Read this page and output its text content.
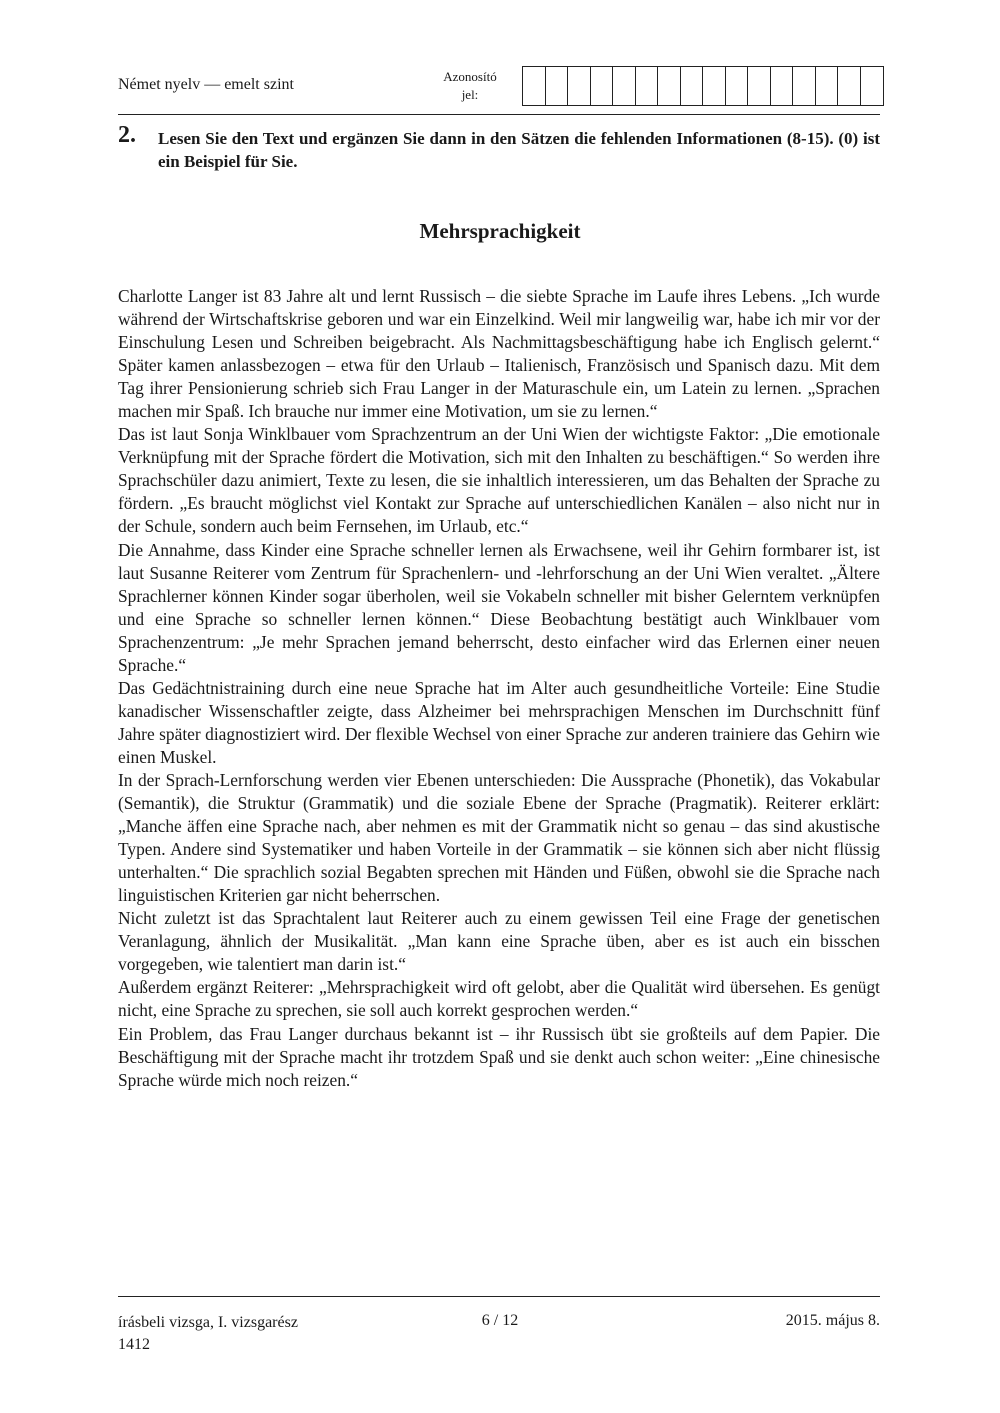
Német nyelv — emelt szint	Azonosító
jel:
2. Lesen Sie den Text und ergänzen Sie dann in den Sätzen die fehlenden Informationen (8-15). (0) ist ein Beispiel für Sie.
Mehrsprachigkeit

Charlotte Langer ist 83 Jahre alt und lernt Russisch – die siebte Sprache im Laufe ihres Lebens. „Ich wurde während der Wirtschaftskrise geboren und war ein Einzelkind. Weil mir langweilig war, habe ich mir vor der Einschulung Lesen und Schreiben beigebracht. Als Nachmittagsbeschäftigung habe ich Englisch gelernt.“ Später kamen anlassbezogen – etwa für den Urlaub – Italienisch, Französisch und Spanisch dazu. Mit dem Tag ihrer Pensionierung schrieb sich Frau Langer in der Maturaschule ein, um Latein zu lernen. „Sprachen machen mir Spaß. Ich brauche nur immer eine Motivation, um sie zu lernen.“

Das ist laut Sonja Winklbauer vom Sprachzentrum an der Uni Wien der wichtigste Faktor: „Die emotionale Verknüpfung mit der Sprache fördert die Motivation, sich mit den Inhalten zu beschäftigen.“ So werden ihre Sprachschüler dazu animiert, Texte zu lesen, die sie inhaltlich interessieren, um das Behalten der Sprache zu fördern. „Es braucht möglichst viel Kontakt zur Sprache auf unterschiedlichen Kanälen – also nicht nur in der Schule, sondern auch beim Fernsehen, im Urlaub, etc.“

Die Annahme, dass Kinder eine Sprache schneller lernen als Erwachsene, weil ihr Gehirn formbarer ist, ist laut Susanne Reiterer vom Zentrum für Sprachenlern- und -lehrforschung an der Uni Wien veraltet. „Ältere Sprachlerner können Kinder sogar überholen, weil sie Vokabeln schneller mit bisher Gelerntem verknüpfen und eine Sprache so schneller lernen können.“ Diese Beobachtung bestätigt auch Winklbauer vom Sprachenzentrum: „Je mehr Sprachen jemand beherrscht, desto einfacher wird das Erlernen einer neuen Sprache.“

Das Gedächtnistraining durch eine neue Sprache hat im Alter auch gesundheitliche Vorteile: Eine Studie kanadischer Wissenschaftler zeigte, dass Alzheimer bei mehrsprachigen Menschen im Durchschnitt fünf Jahre später diagnostiziert wird. Der flexible Wechsel von einer Sprache zur anderen trainiere das Gehirn wie einen Muskel.

In der Sprach-Lernforschung werden vier Ebenen unterschieden: Die Aussprache (Phonetik), das Vokabular (Semantik), die Struktur (Grammatik) und die soziale Ebene der Sprache (Pragmatik). Reiterer erklärt: „Manche äffen eine Sprache nach, aber nehmen es mit der Grammatik nicht so genau – das sind akustische Typen. Andere sind Systematiker und haben Vorteile in der Grammatik – sie können sich aber nicht flüssig unterhalten.“ Die sprachlich sozial Begabten sprechen mit Händen und Füßen, obwohl sie die Sprache nach linguistischen Kriterien gar nicht beherrschen.

Nicht zuletzt ist das Sprachtalent laut Reiterer auch zu einem gewissen Teil eine Frage der genetischen Veranlagung, ähnlich der Musikalität. „Man kann eine Sprache üben, aber es ist auch ein bisschen vorgegeben, wie talentiert man darin ist.“

Außerdem ergänzt Reiterer: „Mehrsprachigkeit wird oft gelobt, aber die Qualität wird übersehen. Es genügt nicht, eine Sprache zu sprechen, sie soll auch korrekt gesprochen werden.“

Ein Problem, das Frau Langer durchaus bekannt ist – ihr Russisch übt sie großteils auf dem Papier. Die Beschäftigung mit der Sprache macht ihr trotzdem Spaß und sie denkt auch schon weiter: „Eine chinesische Sprache würde mich noch reizen.“

írásbeli vizsga, I. vizsgarész
1412
6 / 12	2015. május 8.
